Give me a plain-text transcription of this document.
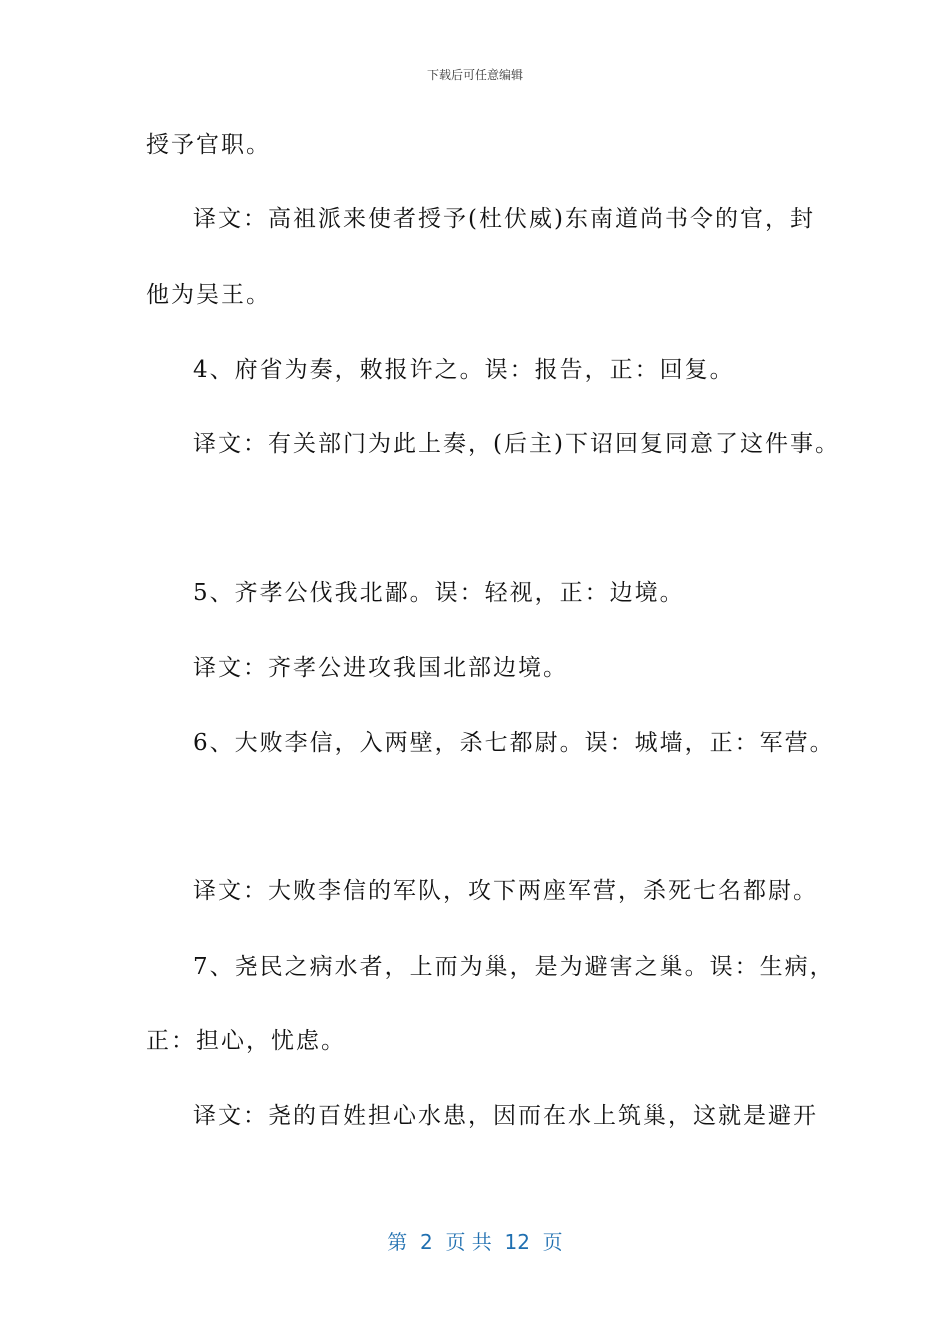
下载后可任意编辑
授予官职。
译文：高祖派来使者授予(杜伏威)东南道尚书令的官，封
他为吴王。
4、府省为奏，敕报许之。误：报告，正：回复。
译文：有关部门为此上奏，(后主)下诏回复同意了这件事。
5、齐孝公伐我北鄙。误：轻视，正：边境。
译文：齐孝公进攻我国北部边境。
6、大败李信，入两壁，杀七都尉。误：城墙，正：军营。
译文：大败李信的军队，攻下两座军营，杀死七名都尉。
7、尧民之病水者，上而为巢，是为避害之巢。误：生病，
正：担心，忧虑。
译文：尧的百姓担心水患，因而在水上筑巢，这就是避开
第  2  页 共  12  页
